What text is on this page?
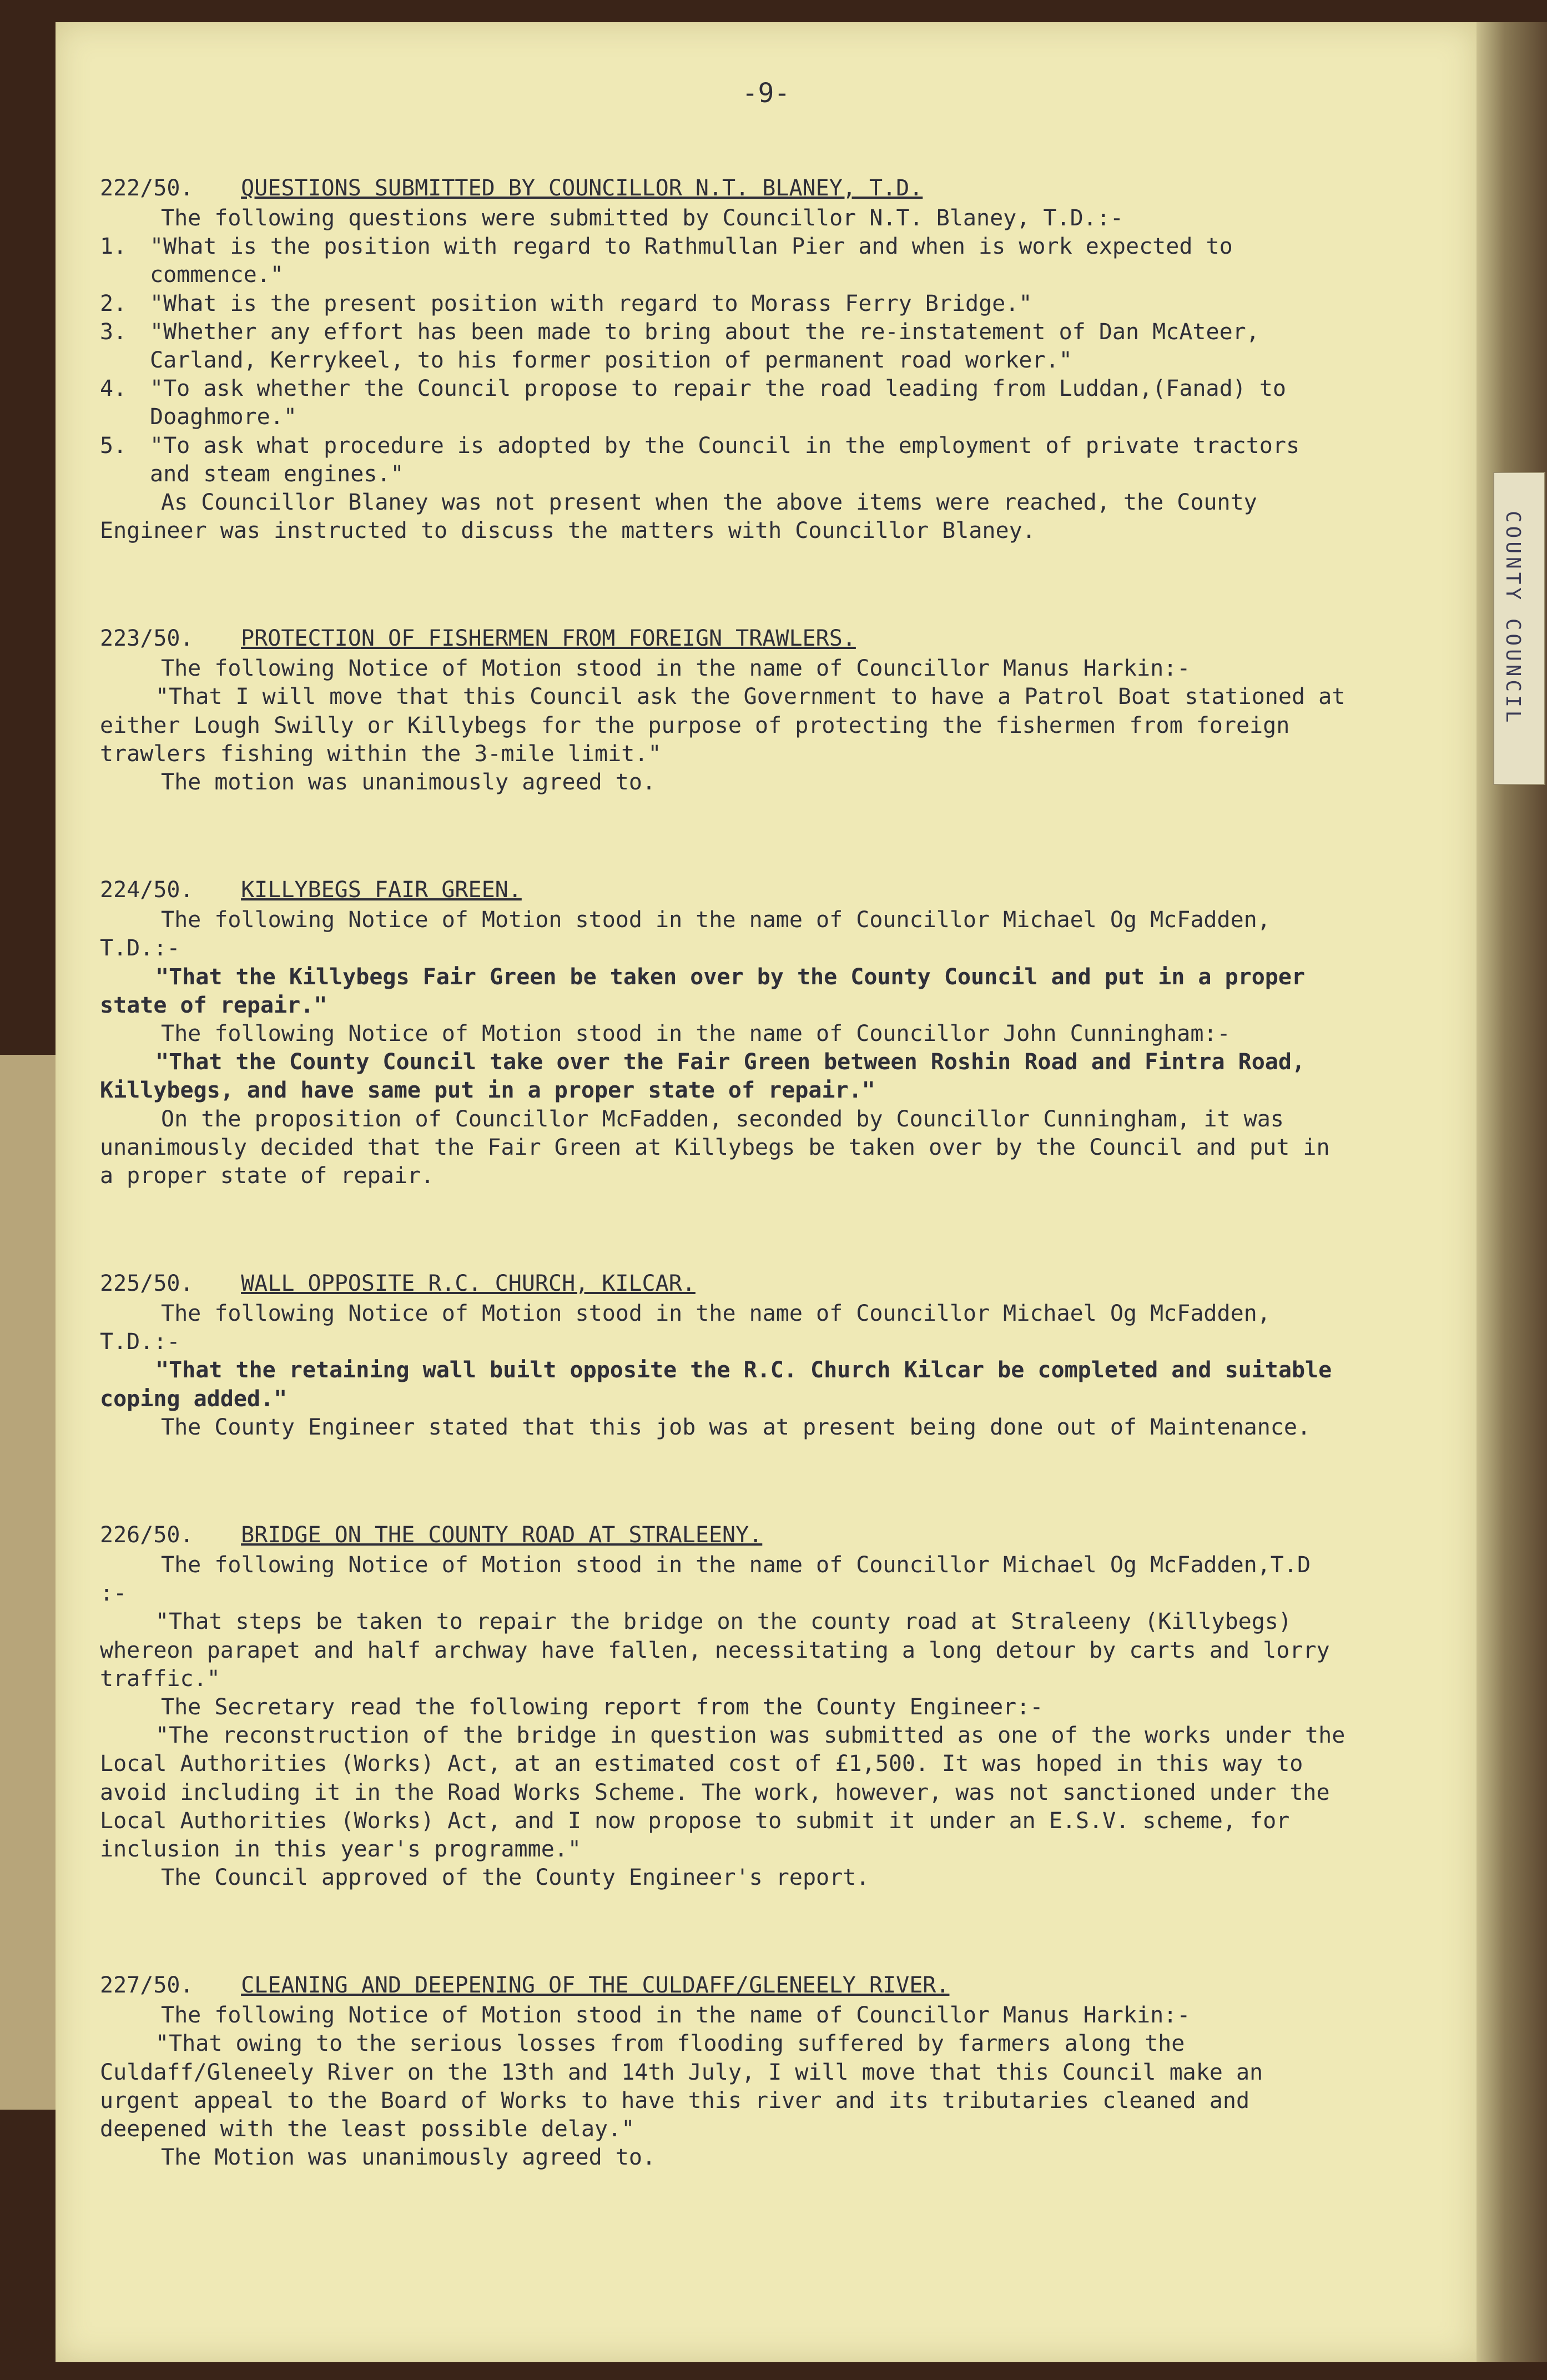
COUNTY COUNCIL
-9-
222/50. QUESTIONS SUBMITTED BY COUNCILLOR N.T. BLANEY, T.D.

The following questions were submitted by Councillor N.T. Blaney, T.D.:-

1. "What is the position with regard to Rathmullan Pier and when is work expected to commence."
2. "What is the present position with regard to Morass Ferry Bridge."
3. "Whether any effort has been made to bring about the re-instatement of Dan McAteer, Carland, Kerrykeel, to his former position of permanent road worker."
4. "To ask whether the Council propose to repair the road leading from Luddan,(Fanad) to Doaghmore."
5. "To ask what procedure is adopted by the Council in the employment of private tractors and steam engines."

As Councillor Blaney was not present when the above items were reached, the County Engineer was instructed to discuss the matters with Councillor Blaney.

223/50. PROTECTION OF FISHERMEN FROM FOREIGN TRAWLERS.

The following Notice of Motion stood in the name of Councillor Manus Harkin:-

"That I will move that this Council ask the Government to have a Patrol Boat stationed at either Lough Swilly or Killybegs for the purpose of protecting the fishermen from foreign trawlers fishing within the 3-mile limit."

The motion was unanimously agreed to.

224/50. KILLYBEGS FAIR GREEN.

The following Notice of Motion stood in the name of Councillor Michael Og McFadden, T.D.:-

"That the Killybegs Fair Green be taken over by the County Council and put in a proper state of repair."

The following Notice of Motion stood in the name of Councillor John Cunningham:-

"That the County Council take over the Fair Green between Roshin Road and Fintra Road, Killybegs, and have same put in a proper state of repair."

On the proposition of Councillor McFadden, seconded by Councillor Cunningham, it was unanimously decided that the Fair Green at Killybegs be taken over by the Council and put in a proper state of repair.

225/50. WALL OPPOSITE R.C. CHURCH, KILCAR.

The following Notice of Motion stood in the name of Councillor Michael Og McFadden, T.D.:-

"That the retaining wall built opposite the R.C. Church Kilcar be completed and suitable coping added."

The County Engineer stated that this job was at present being done out of Maintenance.

226/50. BRIDGE ON THE COUNTY ROAD AT STRALEENY.

The following Notice of Motion stood in the name of Councillor Michael Og McFadden,T.D :-

"That steps be taken to repair the bridge on the county road at Straleeny (Killybegs) whereon parapet and half archway have fallen, necessitating a long detour by carts and lorry traffic."

The Secretary read the following report from the County Engineer:-

"The reconstruction of the bridge in question was submitted as one of the works under the Local Authorities (Works) Act, at an estimated cost of £1,500. It was hoped in this way to avoid including it in the Road Works Scheme. The work, however, was not sanctioned under the Local Authorities (Works) Act, and I now propose to submit it under an E.S.V. scheme, for inclusion in this year's programme."

The Council approved of the County Engineer's report.

227/50. CLEANING AND DEEPENING OF THE CULDAFF/GLENEELY RIVER.

The following Notice of Motion stood in the name of Councillor Manus Harkin:-

"That owing to the serious losses from flooding suffered by farmers along the Culdaff/Gleneely River on the 13th and 14th July, I will move that this Council make an urgent appeal to the Board of Works to have this river and its tributaries cleaned and deepened with the least possible delay."

The Motion was unanimously agreed to.
